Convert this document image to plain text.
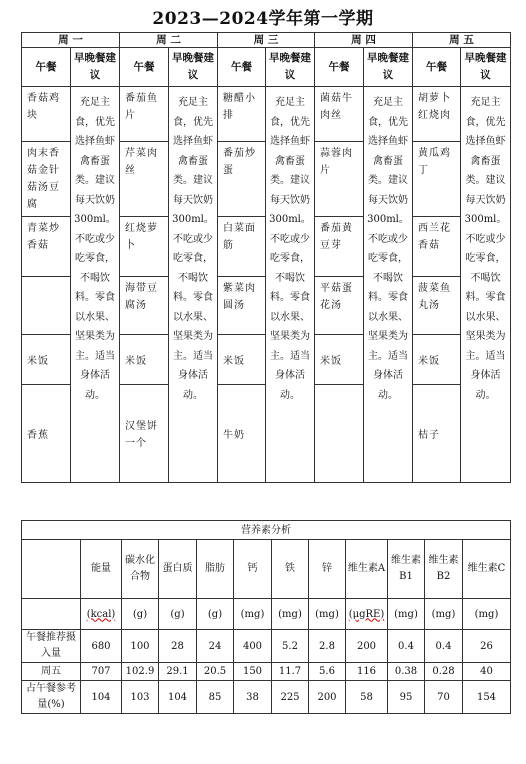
2023—2024学年第一学期
周 一		周 二		周 三		周 四		周 五	
午餐	早晚餐建议	午餐	早晚餐建议	午餐	早晚餐建议	午餐	早晚餐建议	午餐	早晚餐建议
香菇鸡块	充足主食，优先选择鱼虾禽畜蛋类。建议每天饮奶300ml。不吃或少吃零食，不喝饮料。零食以水果、坚果类为主。适当身体活动。	番茄鱼片	充足主食，优先选择鱼虾禽畜蛋类。建议每天饮奶300ml。不吃或少吃零食，不喝饮料。零食以水果、坚果类为主。适当身体活动。	糖醋小排	充足主食，优先选择鱼虾禽畜蛋类。建议每天饮奶300ml。不吃或少吃零食，不喝饮料。零食以水果、坚果类为主。适当身体活动。	菌菇牛肉丝	充足主食，优先选择鱼虾禽畜蛋类。建议每天饮奶300ml。不吃或少吃零食，不喝饮料。零食以水果、坚果类为主。适当身体活动。	胡萝卜红烧肉	充足主食，优先选择鱼虾禽畜蛋类。建议每天饮奶300ml。不吃或少吃零食，不喝饮料。零食以水果、坚果类为主。适当身体活动。
肉末香菇金针菇汤豆腐		芹菜肉丝		番茄炒蛋		蒜蓉肉片		黄瓜鸡丁	
青菜炒香菇		红烧萝卜		白菜面筋		番茄黄豆芽		西兰花香菇	
		海带豆腐汤		紫菜肉圆汤		平菇蛋花汤		菠菜鱼丸汤	
米饭		米饭		米饭		米饭		米饭	
香蕉		汉堡饼一个		牛奶				桔子	
营养素分析											
	能量	碳水化合物	蛋白质	脂肪	钙	铁	锌	维生素A	维生素B1	维生素B2	维生素C
	(kcal)	(g)	(g)	(g)	(mg)	(mg)	(mg)	(μgRE)	(mg)	(mg)	(mg)
午餐推荐摄入量	680	100	28	24	400	5.2	2.8	200	0.4	0.4	26
周五	707	102.9	29.1	20.5	150	11.7	5.6	116	0.38	0.28	40
占午餐参考量(%)	104	103	104	85	38	225	200	58	95	70	154
